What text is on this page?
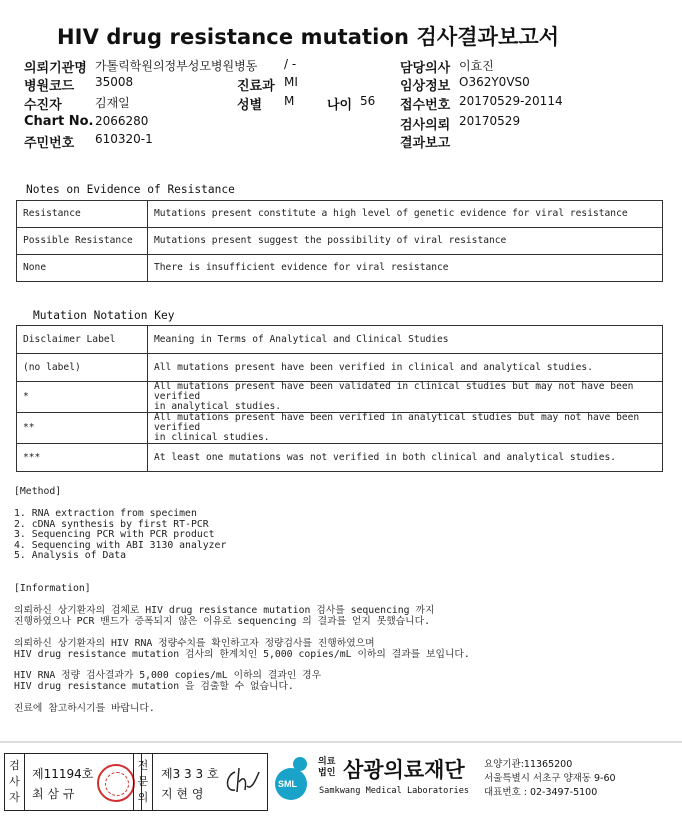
HIV drug resistance mutation 검사결과보고서
의뢰기관명 가톨릭학원의정부성모병원병동 / -	담당의사 이효진
병원코드 35008	진료과 MI	임상정보 O362Y0VS0
수진자	김재일	성별 M	나이 56 접수번호 20170529-20114
Chart No. 2066280	검사의뢰 20170529
주민번호 610320-1	결과보고
Notes on Evidence of Resistance
Resistance	Mutations present constitute a high level of genetic evidence for viral resistance
Possible Resistance	Mutations present suggest the possibility of viral resistance
None	There is insufficient evidence for viral resistance
Mutation Notation Key
Disclaimer Label	Meaning in Terms of Analytical and Clinical Studies
(no label)	All mutations present have been verified in clinical and analytical studies.

*	All mutations present have been validated in clinical studies but may not have been verified
in analytical studies.

**	All mutations present have been verified in analytical studies but may not have been verified
in clinical studies.

***	At least one mutations was not verified in both clinical and analytical studies.
[Method]
1. RNA extraction from specimen
2. cDNA synthesis by first RT-PCR
3. Sequencing PCR with PCR product
4. Sequencing with ABI 3130 analyzer
5. Analysis of Data
[Information]
의뢰하신 상기환자의 검체로 HIV drug resistance mutation 검사를 sequencing 까지
진행하였으나 PCR 밴드가 증폭되지 않은 이유로 sequencing 의 결과를 얻지 못했습니다.
의뢰하신 상기환자의 HIV RNA 정량수치를 확인하고자 정량검사를 진행하였으며
HIV drug resistance mutation 검사의 한계치인 5,000 copies/mL 이하의 결과를 보입니다.
HIV RNA 정량 검사결과가 5,000 copies/mL 이하의 결과인 경우
HIV drug resistance mutation 을 검출할 수 없습니다.
진료에 참고하시기를 바랍니다.
검
사
자
제11194호
최 삼 규
전
문
의
제3 3 3 호
지 현 영
SML
의료
법인 삼광의료재단
Samkwang Medical Laboratories
요양기관:11365200
서울특별시 서초구 양재동 9-60
대표번호 : 02-3497-5100
